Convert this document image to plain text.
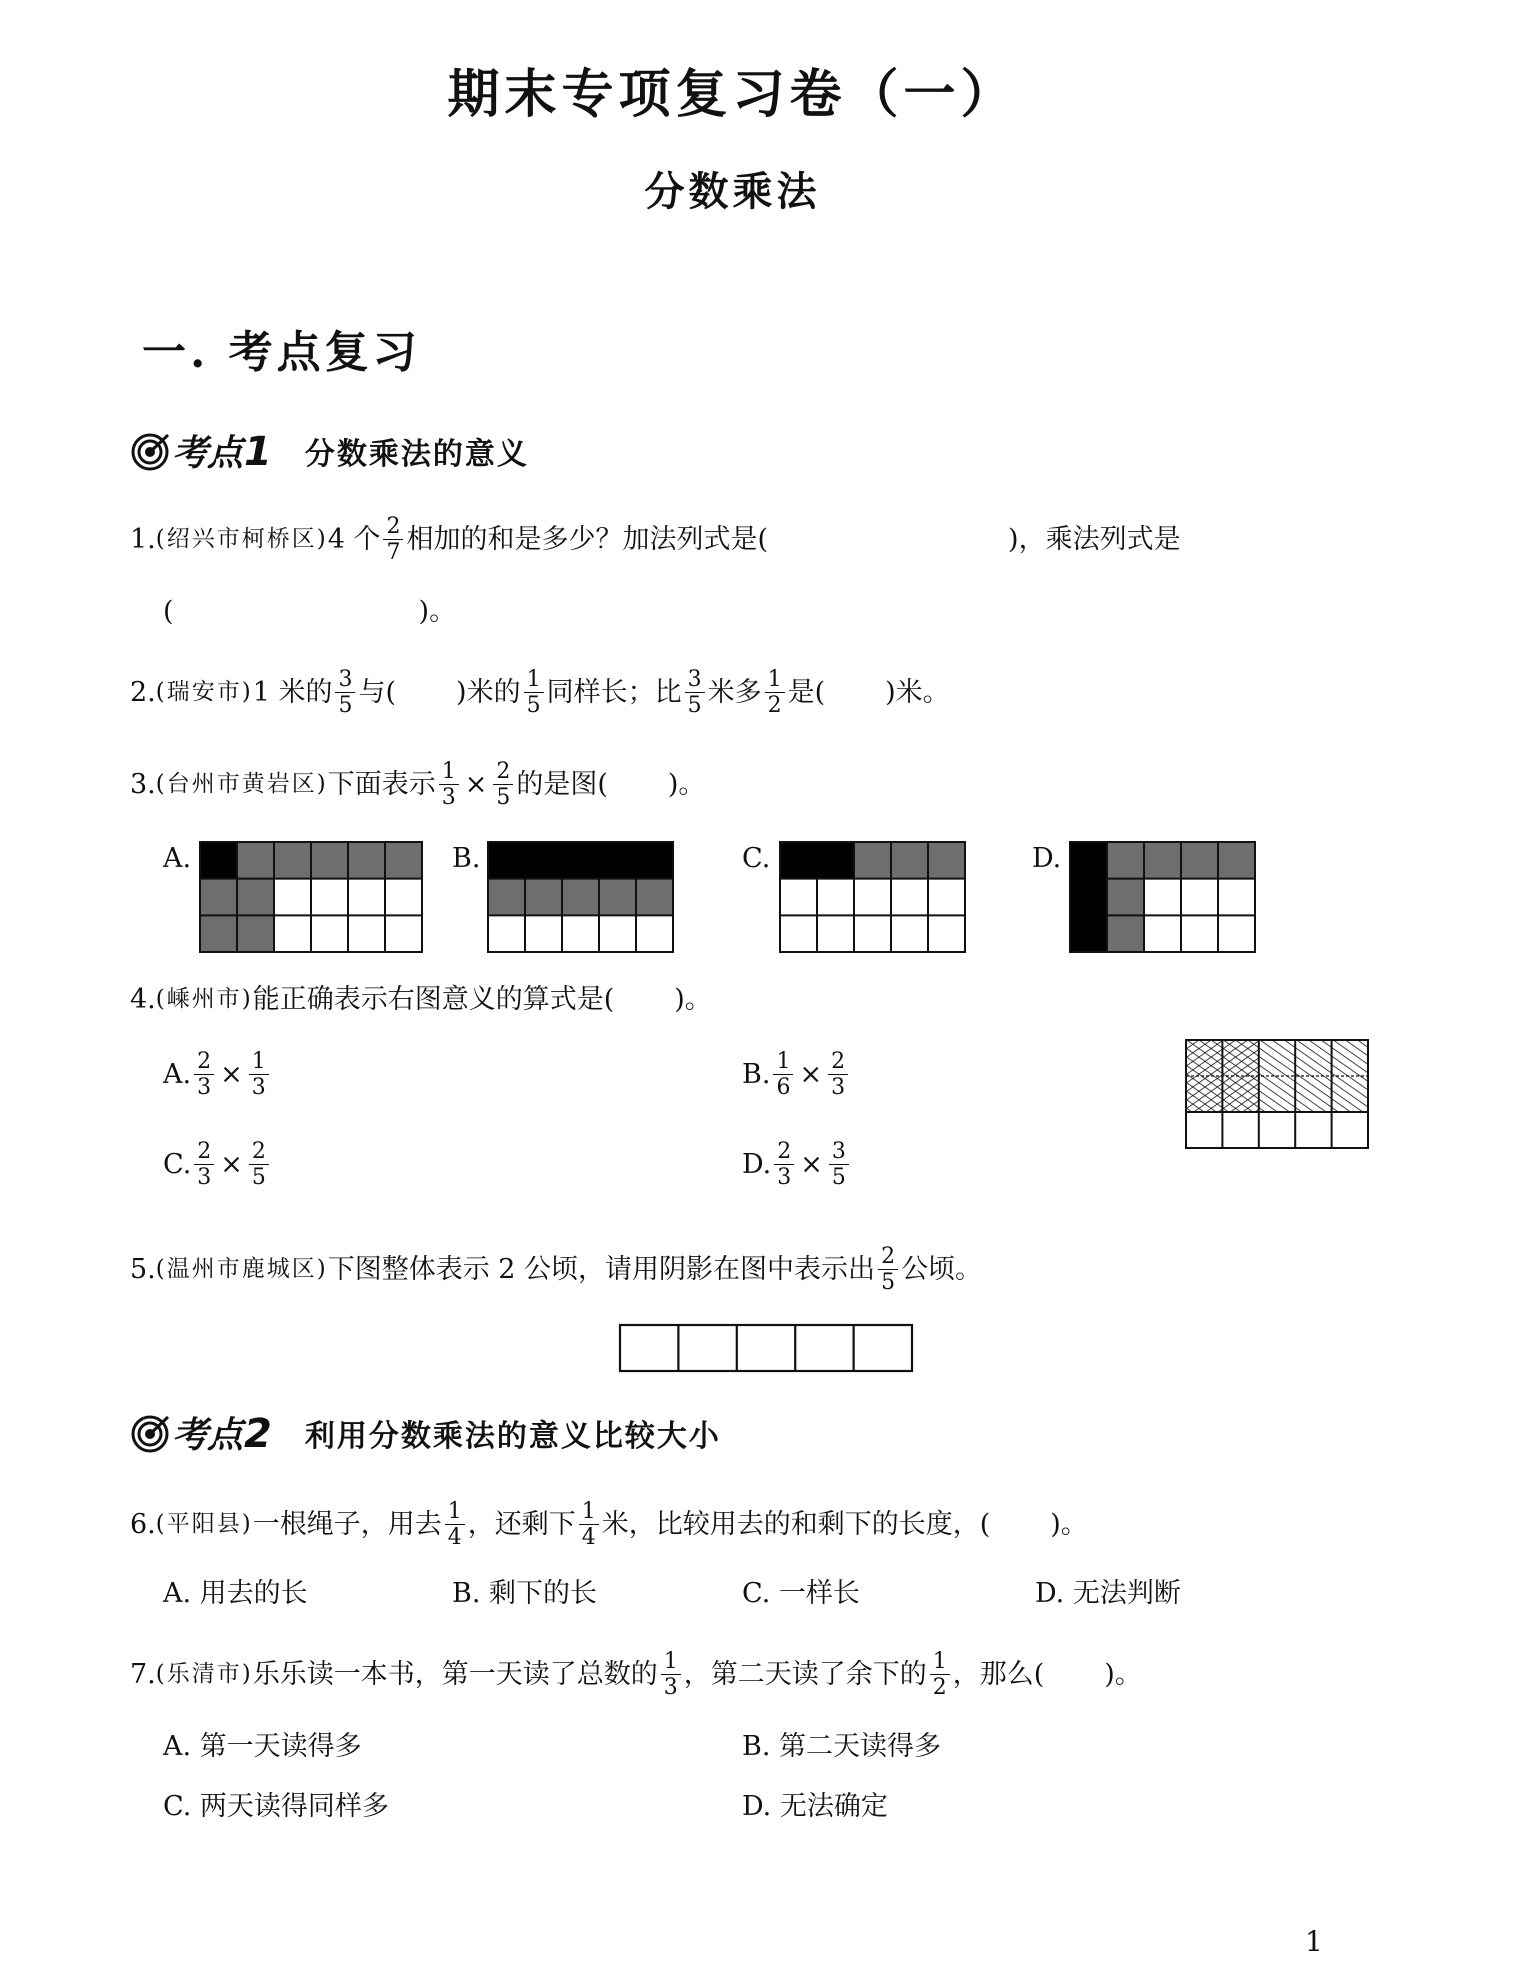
期末专项复习卷（一）
分数乘法
一. 考点复习
考点1 分数乘法的意义
1. (绍兴市柯桥区) 4 个 $\frac{2}{7}$ 相加的和是多少？加法列式是(	)，乘法列式是
(	)。
2. (瑞安市) 1 米的 $\frac{3}{5}$ 与( )米的 $\frac{1}{5}$ 同样长；比 $\frac{3}{5}$ 米多 $\frac{1}{2}$ 是( )米。
3. (台州市黄岩区) 下面表示 $\frac{1}{3} \times \frac{2}{5}$ 的是图( )。
A.	B.	C.	D.
4. (嵊州市) 能正确表示右图意义的算式是( )。
A. $\frac{2}{3} \times \frac{1}{3}$	B. $\frac{1}{6} \times \frac{2}{3}$
C. $\frac{2}{3} \times \frac{2}{5}$	D. $\frac{2}{3} \times \frac{3}{5}$
5. (温州市鹿城区) 下图整体表示 2 公顷，请用阴影在图中表示出 $\frac{2}{5}$ 公顷。
考点2 利用分数乘法的意义比较大小
6. (平阳县) 一根绳子，用去 $\frac{1}{4}$ ，还剩下 $\frac{1}{4}$ 米，比较用去的和剩下的长度，( )。
A. 用去的长	B. 剩下的长	C. 一样长	D. 无法判断
7. (乐清市) 乐乐读一本书，第一天读了总数的 $\frac{1}{3}$ ，第二天读了余下的 $\frac{1}{2}$ ，那么( )。
A. 第一天读得多	B. 第二天读得多
C. 两天读得同样多	D. 无法确定
1
